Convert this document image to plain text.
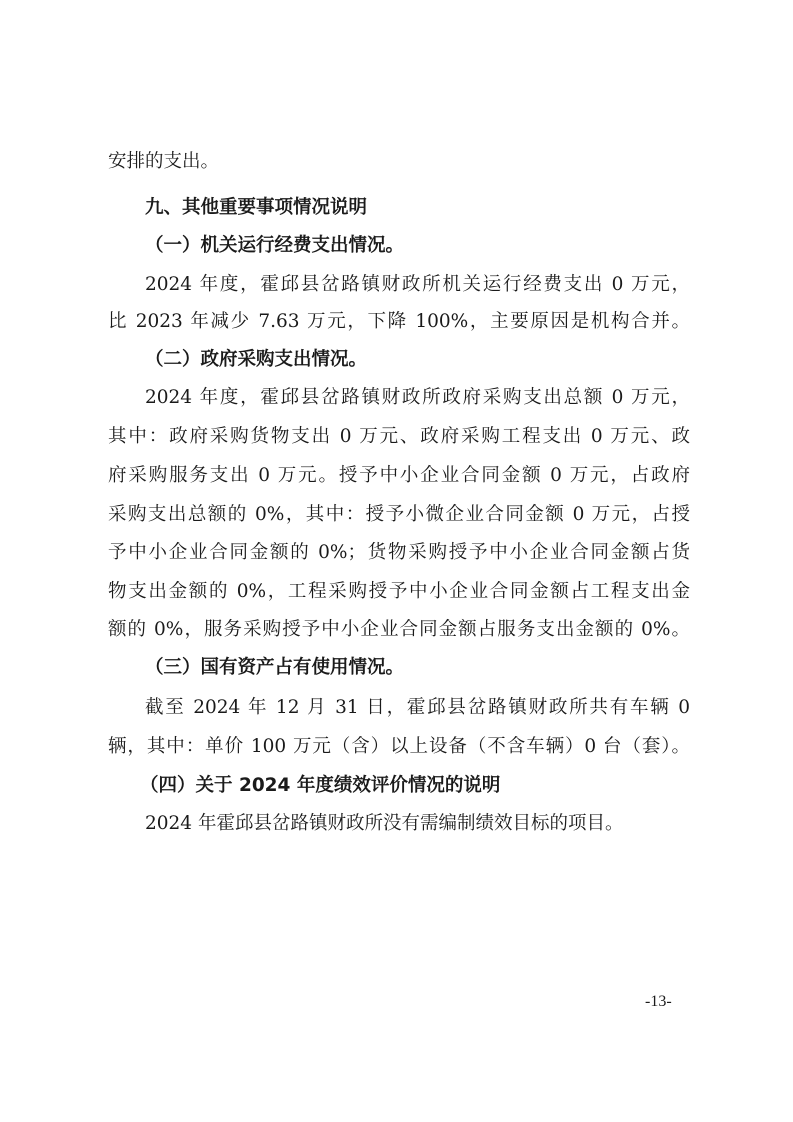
安排的支出。
九、其他重要事项情况说明
（一）机关运行经费支出情况。
2024 年度，霍邱县岔路镇财政所机关运行经费支出 0 万元，
比 2023 年减少 7.63 万元，下降 100%，主要原因是机构合并。
（二）政府采购支出情况。
2024 年度，霍邱县岔路镇财政所政府采购支出总额 0 万元，
其中：政府采购货物支出 0 万元、政府采购工程支出 0 万元、政
府采购服务支出 0 万元。授予中小企业合同金额 0 万元，占政府
采购支出总额的 0%，其中：授予小微企业合同金额 0 万元，占授
予中小企业合同金额的 0%；货物采购授予中小企业合同金额占货
物支出金额的 0%，工程采购授予中小企业合同金额占工程支出金
额的 0%，服务采购授予中小企业合同金额占服务支出金额的 0%。
（三）国有资产占有使用情况。
截至 2024 年 12 月 31 日，霍邱县岔路镇财政所共有车辆 0
辆，其中：单价 100 万元（含）以上设备（不含车辆）0 台（套）。
（四）关于 2024 年度绩效评价情况的说明
2024 年霍邱县岔路镇财政所没有需编制绩效目标的项目。
-13-
